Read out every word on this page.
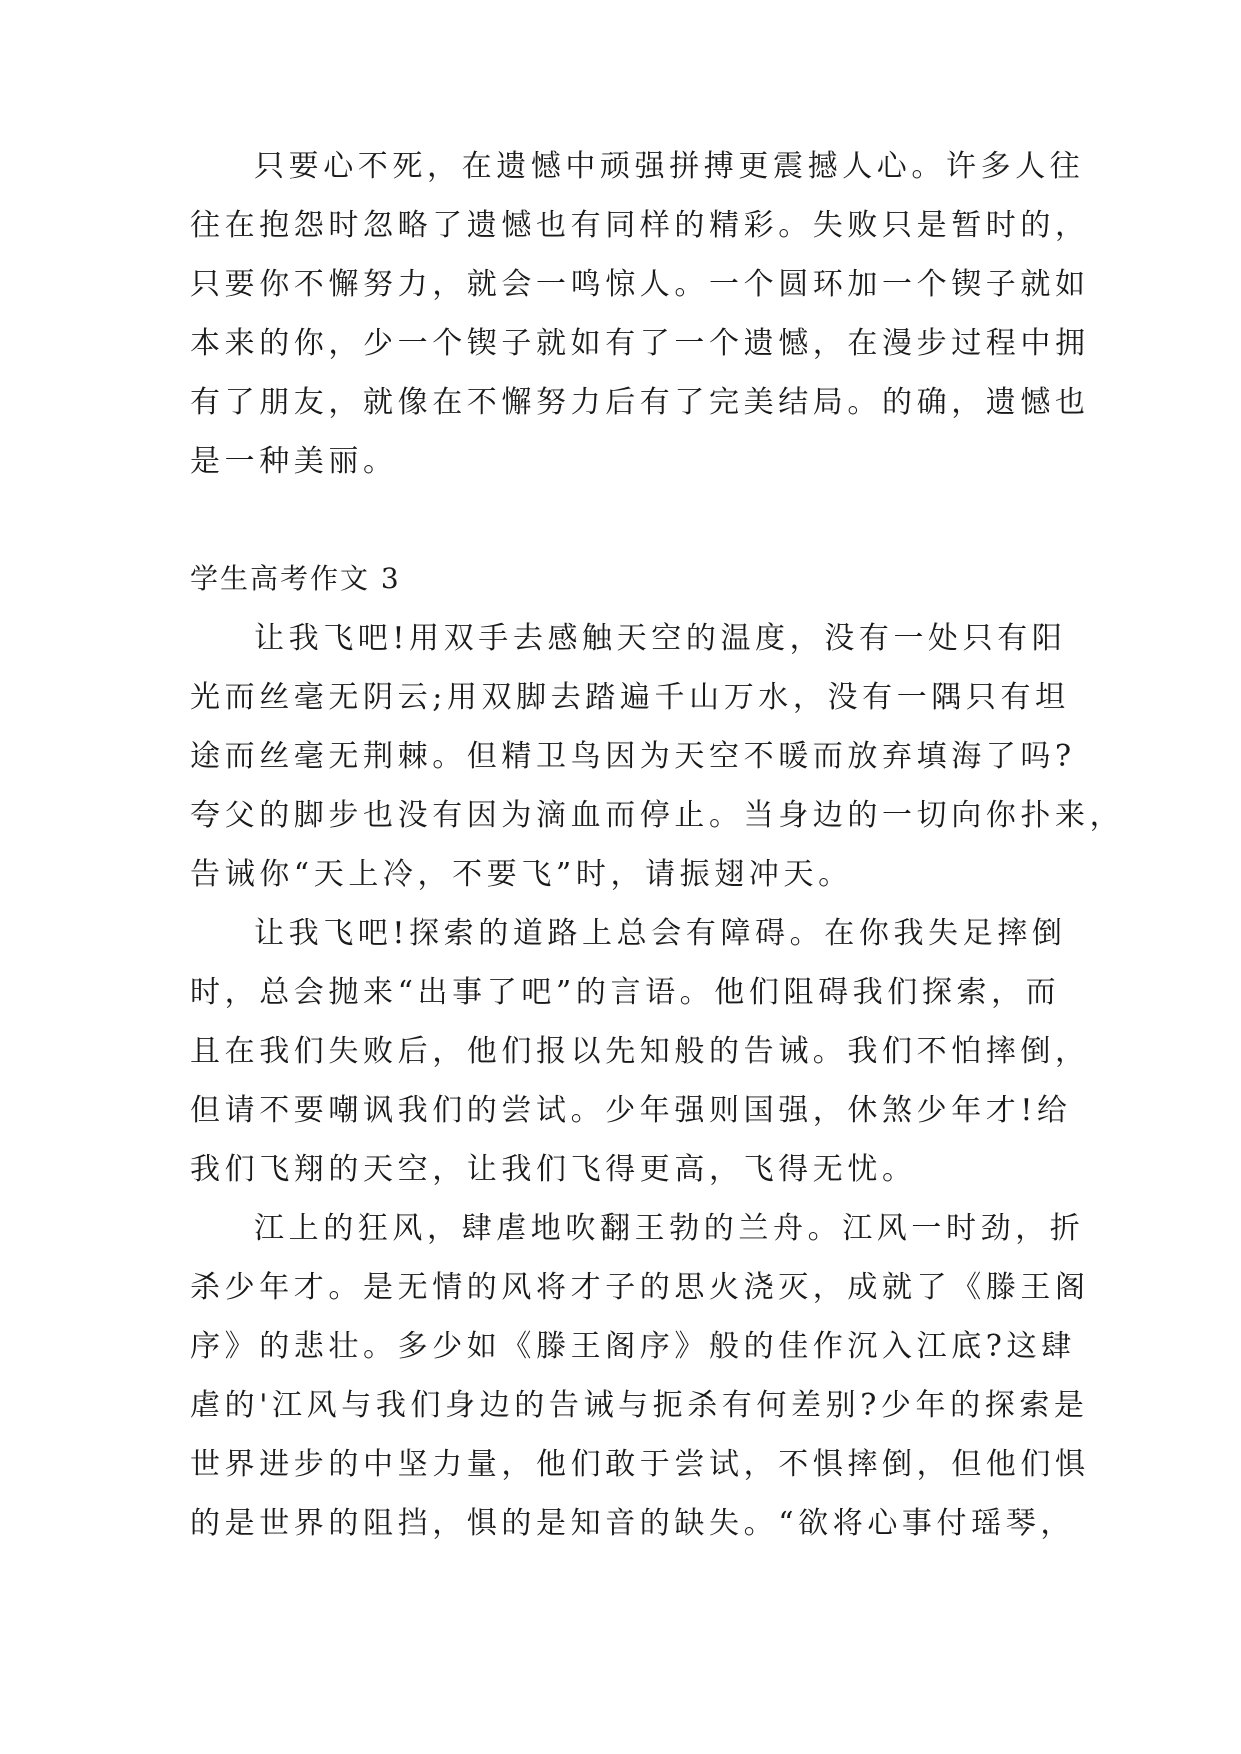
只要心不死，在遗憾中顽强拼搏更震撼人心。许多人往

往在抱怨时忽略了遗憾也有同样的精彩。失败只是暂时的，

只要你不懈努力，就会一鸣惊人。一个圆环加一个锲子就如

本来的你，少一个锲子就如有了一个遗憾，在漫步过程中拥

有了朋友，就像在不懈努力后有了完美结局。的确，遗憾也

是一种美丽。

学生高考作文 3

让我飞吧!用双手去感触天空的温度，没有一处只有阳

光而丝毫无阴云;用双脚去踏遍千山万水，没有一隅只有坦

途而丝毫无荆棘。但精卫鸟因为天空不暖而放弃填海了吗?

夸父的脚步也没有因为滴血而停止。当身边的一切向你扑来，

告诫你“天上冷，不要飞”时，请振翅冲天。

让我飞吧!探索的道路上总会有障碍。在你我失足摔倒

时，总会抛来“出事了吧”的言语。他们阻碍我们探索，而

且在我们失败后，他们报以先知般的告诫。我们不怕摔倒，

但请不要嘲讽我们的尝试。少年强则国强，休煞少年才!给

我们飞翔的天空，让我们飞得更高，飞得无忧。

江上的狂风，肆虐地吹翻王勃的兰舟。江风一时劲，折

杀少年才。是无情的风将才子的思火浇灭，成就了《滕王阁

序》的悲壮。多少如《滕王阁序》般的佳作沉入江底?这肆

虐的'江风与我们身边的告诫与扼杀有何差别?少年的探索是

世界进步的中坚力量，他们敢于尝试，不惧摔倒，但他们惧

的是世界的阻挡，惧的是知音的缺失。“欲将心事付瑶琴，
